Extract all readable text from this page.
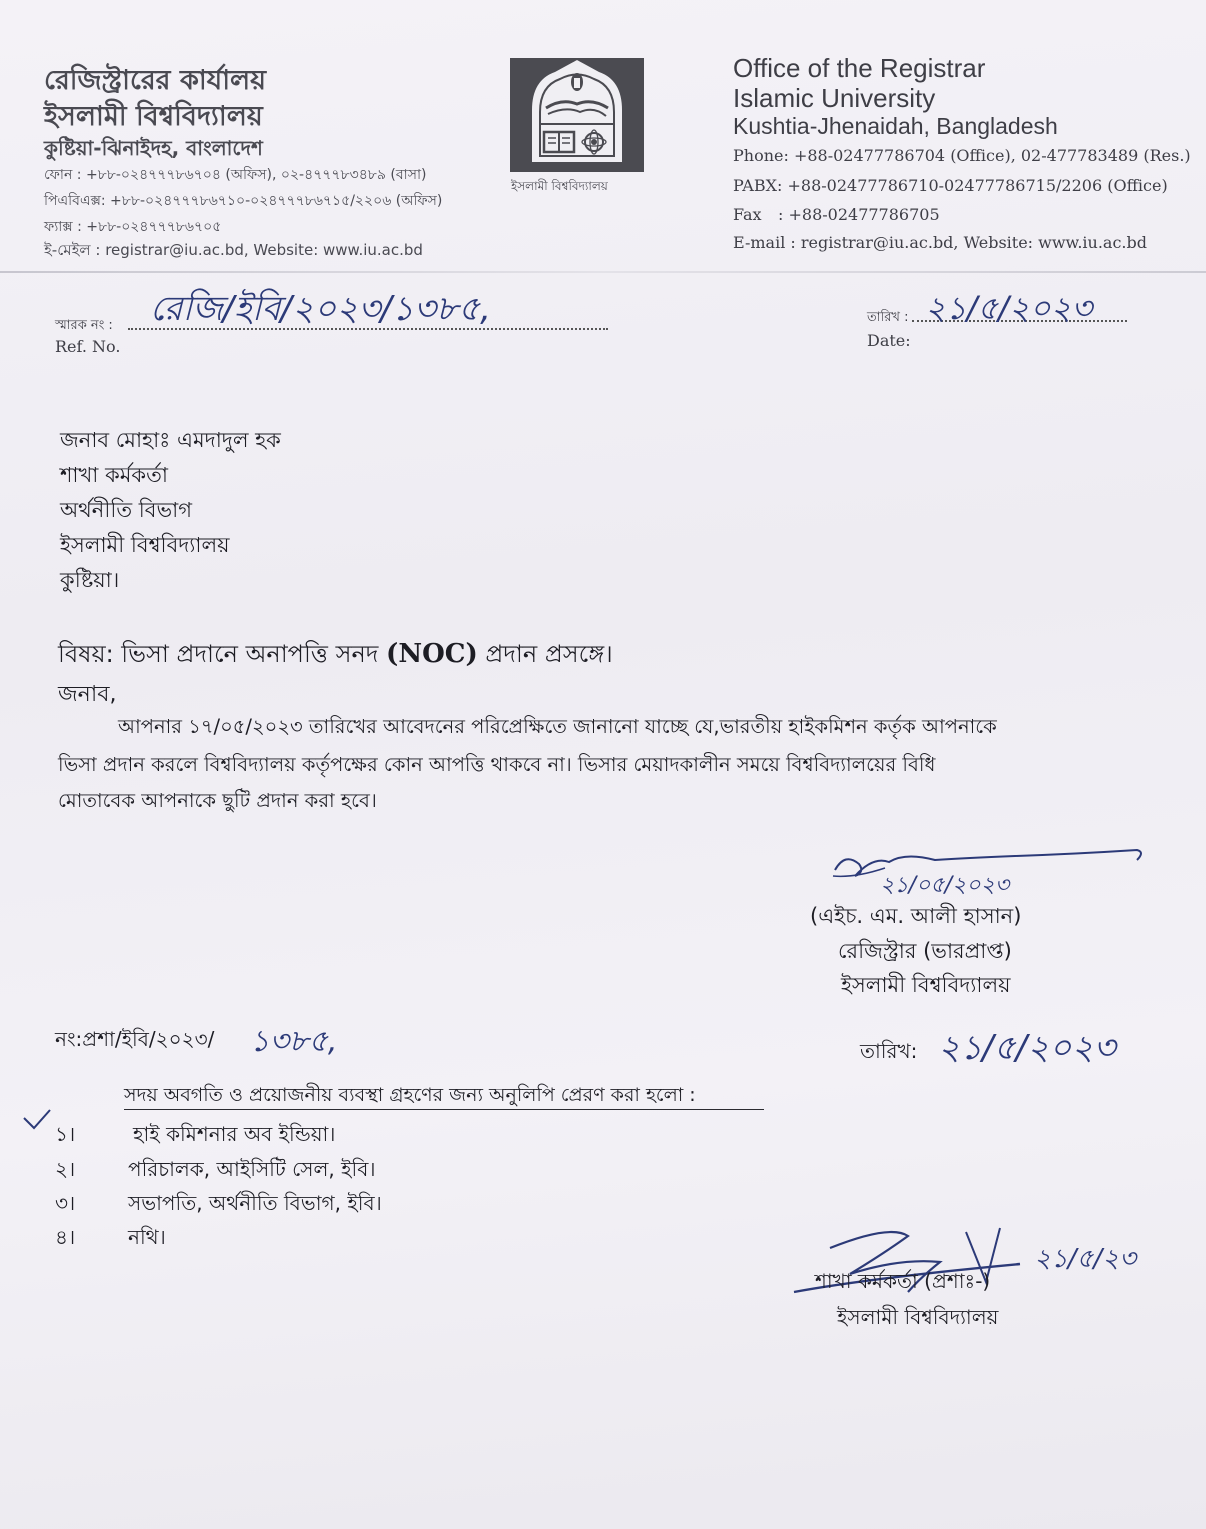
রেজিস্ট্রারের কার্যালয়
ইসলামী বিশ্ববিদ্যালয়
কুষ্টিয়া-ঝিনাইদহ, বাংলাদেশ
ফোন : +৮৮-০২৪৭৭৭৮৬৭০৪ (অফিস), ০২-৪৭৭৭৮৩৪৮৯ (বাসা)
পিএবিএক্স: +৮৮-০২৪৭৭৭৮৬৭১০-০২৪৭৭৭৮৬৭১৫/২২০৬ (অফিস)
ফ্যাক্স : +৮৮-০২৪৭৭৭৮৬৭০৫
ই-মেইল : registrar@iu.ac.bd, Website: www.iu.ac.bd
ইসলামী বিশ্ববিদ্যালয়
Office of the Registrar
Islamic University
Kushtia-Jhenaidah, Bangladesh
Phone: +88-02477786704 (Office), 02-477783489 (Res.)
PABX: +88-02477786710-02477786715/2206 (Office)
Fax : +88-02477786705
E-mail : registrar@iu.ac.bd, Website: www.iu.ac.bd
স্মারক নং :
Ref. No.
রেজি/ইবি/২০২৩/১৩৮৫,	তারিখ :
Date:
২১/৫/২০২৩
জনাব মোহাঃ এমদাদুল হক
শাখা কর্মকর্তা
অর্থনীতি বিভাগ
ইসলামী বিশ্ববিদ্যালয়
কুষ্টিয়া।
বিষয়: ভিসা প্রদানে অনাপত্তি সনদ (NOC) প্রদান প্রসঙ্গে।
জনাব,
আপনার ১৭/০৫/২০২৩ তারিখের আবেদনের পরিপ্রেক্ষিতে জানানো যাচ্ছে যে,ভারতীয় হাইকমিশন কর্তৃক আপনাকে
ভিসা প্রদান করলে বিশ্ববিদ্যালয় কর্তৃপক্ষের কোন আপত্তি থাকবে না। ভিসার মেয়াদকালীন সময়ে বিশ্ববিদ্যালয়ের বিধি
মোতাবেক আপনাকে ছুটি প্রদান করা হবে।
২১/০৫/২০২৩
(এইচ. এম. আলী হাসান)
রেজিস্ট্রার (ভারপ্রাপ্ত)
ইসলামী বিশ্ববিদ্যালয়
নং:প্রশা/ইবি/২০২৩/ ১৩৮৫,	তারিখ: ২১/৫/২০২৩
সদয় অবগতি ও প্রয়োজনীয় ব্যবস্থা গ্রহণের জন্য অনুলিপি প্রেরণ করা হলো :
১।	হাই কমিশনার অব ইন্ডিয়া।
২।	পরিচালক, আইসিটি সেল, ইবি।
৩।	সভাপতি, অর্থনীতি বিভাগ, ইবি।
৪।	নথি।
২১/৫/২৩
শাখা কর্মকর্তা (প্রশাঃ-)
ইসলামী বিশ্ববিদ্যালয়
